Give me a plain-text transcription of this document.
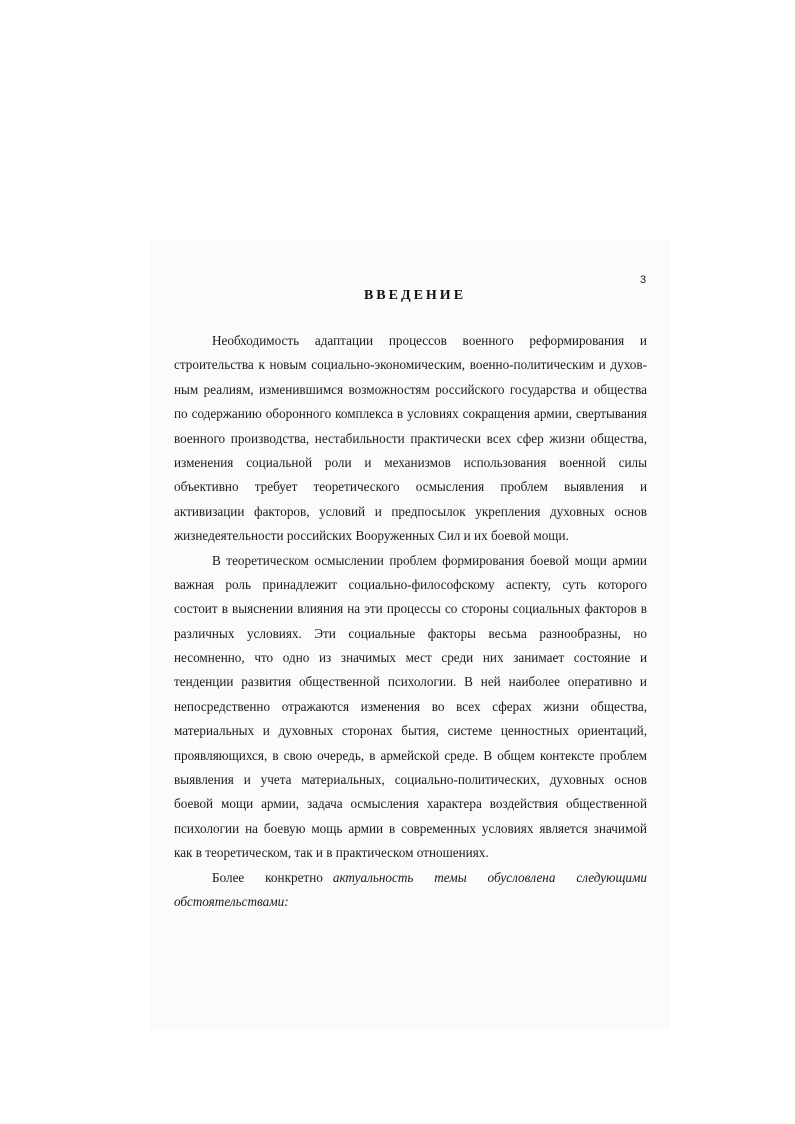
3
ВВЕДЕНИЕ
Необходимость адаптации процессов военного реформирования и
строительства к новым социально-экономическим, военно-политическим и духов-
ным реалиям, изменившимся возможностям российского государства и общества
по содержанию оборонного комплекса в условиях сокращения армии, свертывания
военного производства, нестабильности практически всех сфер жизни общества,
изменения социальной роли и механизмов использования военной силы
объективно требует теоретического осмысления проблем выявления и
активизации факторов, условий и предпосылок укрепления духовных основ
жизнедеятельности российских Вооруженных Сил и их боевой мощи.
В теоретическом осмыслении проблем формирования боевой мощи армии
важная роль принадлежит социально-философскому аспекту, суть которого
состоит в выяснении влияния на эти процессы со стороны социальных факторов в
различных условиях. Эти социальные факторы весьма разнообразны, но
несомненно, что одно из значимых мест среди них занимает состояние и
тенденции развития общественной психологии. В ней наиболее оперативно и
непосредственно отражаются изменения во всех сферах жизни общества,
материальных и духовных сторонах бытия, системе ценностных ориентаций,
проявляющихся, в свою очередь, в армейской среде. В общем контексте проблем
выявления и учета материальных, социально-политических, духовных основ
боевой мощи армии, задача осмысления характера воздействия общественной
психологии на боевую мощь армии в современных условиях является значимой
как в теоретическом, так и в практическом отношениях.
Более конкретно актуальность темы обусловлена следующими
обстоятельствами:
